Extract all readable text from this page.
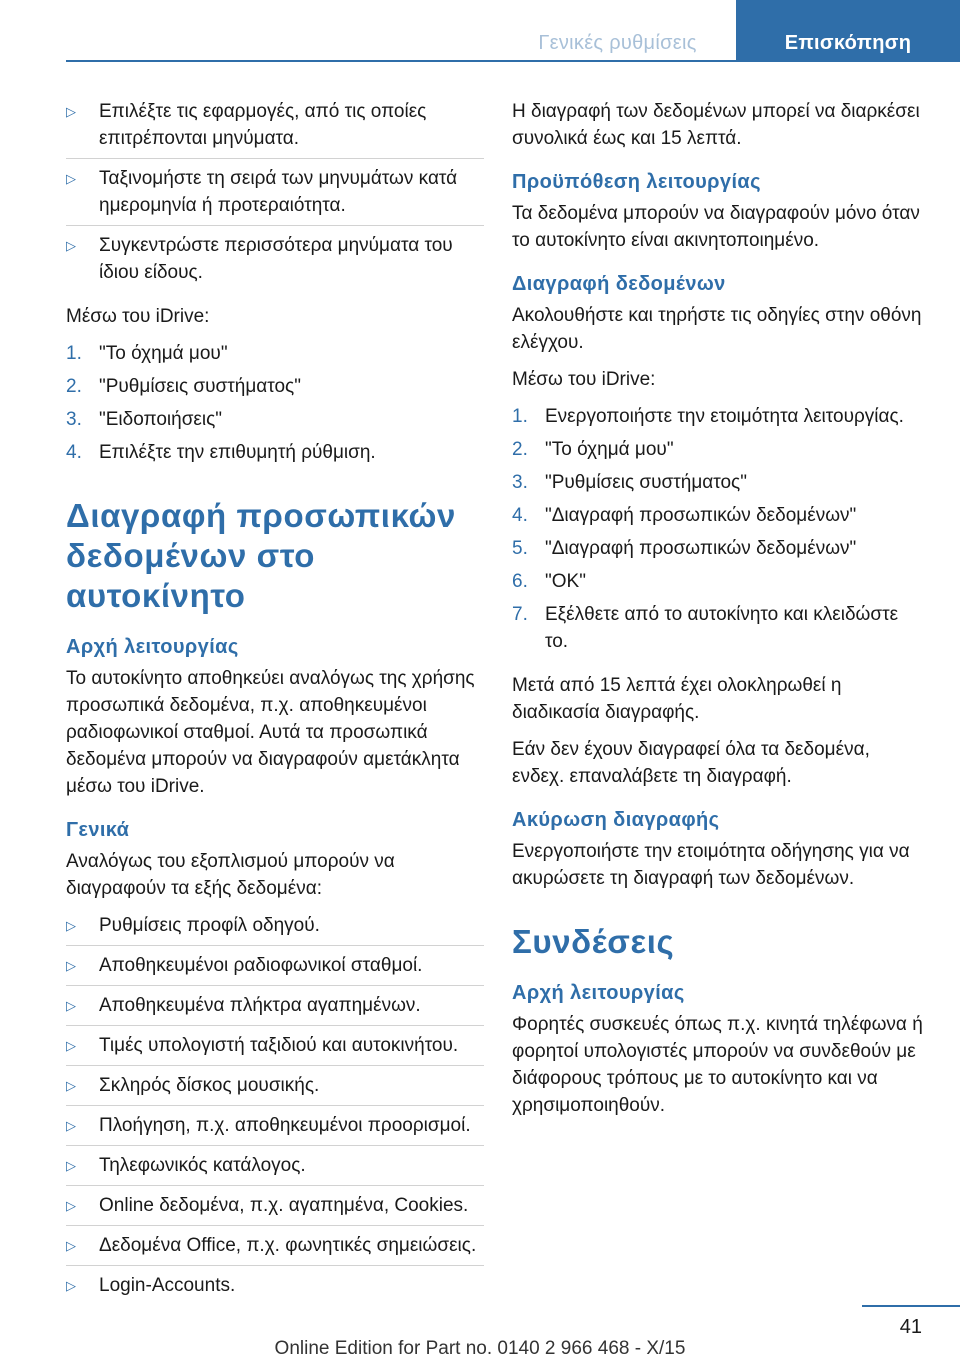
Γενικές ρυθμίσεις	Επισκόπηση
▷	Επιλέξτε τις εφαρμογές, από τις οποίες επιτρέπονται μηνύματα.
▷	Ταξινομήστε τη σειρά των μηνυμάτων κατά ημερομηνία ή προτεραιότητα.
▷	Συγκεντρώστε περισσότερα μηνύματα του ίδιου είδους.

Μέσω του iDrive:

1. "Το όχημά μου"
2. "Ρυθμίσεις συστήματος"
3. "Ειδοποιήσεις"
4. Επιλέξτε την επιθυμητή ρύθμιση.
Διαγραφή προσωπικών δεδομένων στο αυτοκίνητο
Αρχή λειτουργίας

Το αυτοκίνητο αποθηκεύει αναλόγως της χρήσης προσωπικά δεδομένα, π.χ. αποθηκευμένοι ραδιοφωνικοί σταθμοί. Αυτά τα προσωπικά δεδομένα μπορούν να διαγραφούν αμετάκλητα μέσω του iDrive.

Γενικά

Αναλόγως του εξοπλισμού μπορούν να διαγραφούν τα εξής δεδομένα:

▷	Ρυθμίσεις προφίλ οδηγού.
▷	Αποθηκευμένοι ραδιοφωνικοί σταθμοί.
▷	Αποθηκευμένα πλήκτρα αγαπημένων.
▷	Τιμές υπολογιστή ταξιδιού και αυτοκινήτου.
▷	Σκληρός δίσκος μουσικής.
▷	Πλοήγηση, π.χ. αποθηκευμένοι προορισμοί.
▷	Τηλεφωνικός κατάλογος.
▷	Online δεδομένα, π.χ. αγαπημένα, Cookies.
▷	Δεδομένα Office, π.χ. φωνητικές σημειώσεις.
▷	Login-Accounts.

Η διαγραφή των δεδομένων μπορεί να διαρκέσει συνολικά έως και 15 λεπτά.

Προϋπόθεση λειτουργίας

Τα δεδομένα μπορούν να διαγραφούν μόνο όταν το αυτοκίνητο είναι ακινητοποιημένο.

Διαγραφή δεδομένων

Ακολουθήστε και τηρήστε τις οδηγίες στην οθόνη ελέγχου.

Μέσω του iDrive:

1. Ενεργοποιήστε την ετοιμότητα λειτουργίας.
2. "Το όχημά μου"
3. "Ρυθμίσεις συστήματος"
4. "Διαγραφή προσωπικών δεδομένων"
5. "Διαγραφή προσωπικών δεδομένων"
6. "OK"
7. Εξέλθετε από το αυτοκίνητο και κλειδώστε το.

Μετά από 15 λεπτά έχει ολοκληρωθεί η διαδικασία διαγραφής.

Εάν δεν έχουν διαγραφεί όλα τα δεδομένα, ενδεχ. επαναλάβετε τη διαγραφή.

Ακύρωση διαγραφής

Ενεργοποιήστε την ετοιμότητα οδήγησης για να ακυρώσετε τη διαγραφή των δεδομένων.

Συνδέσεις
Αρχή λειτουργίας

Φορητές συσκευές όπως π.χ. κινητά τηλέφωνα ή φορητοί υπολογιστές μπορούν να συνδεθούν με διάφορους τρόπους με το αυτοκίνητο και να χρησιμοποιηθούν.

41
Online Edition for Part no. 0140 2 966 468 - X/15
